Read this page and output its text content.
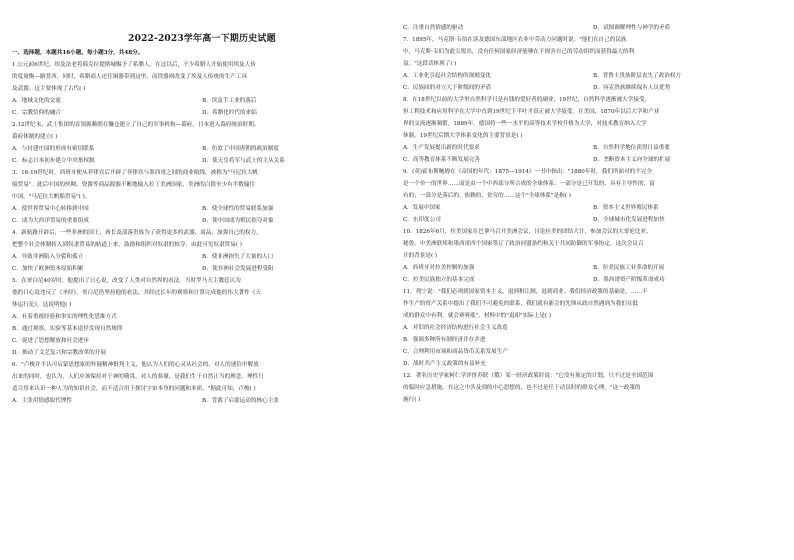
2022-2023学年高一下期历史试题
一、选择题，本题共16小题，每小题3分，共48分。
1.公元前6世纪，埃及法老将瑙克拉提斯城赐予了希腊人。在这以后，不少希腊人开始使用埃及人传
的度量衡—路普西。同时，希腊商人还往铜器带到这里，而铁器则改变了埃及人传统的生产工具
及武器。这主要体现了古代( )
A．地域文化的交流	B．埃及手工业的落后
C．宗教信仰的融合	D．希腊化时代的来临
2.12世纪末，武士集团的首领源赖朝在镰仓建立了自己的军事机构—幕府，日本进入幕府统治时期。
幕府体制的建立( )
A．与封建庄园的形成有密切联系	B．仿效了中国唐朝的政治制度
C．标志日本初步建立中央集权制	D．使天皇将军与武士的主从关系
3．16-19世纪时，西班牙便从菲律宾后开辟了菲律宾与墨西哥之间的商业航线，被称为"马尼拉大帆
船贸易"。此后中国的丝绸、瓷器等商品源源不断地输入拉丁美洲国家，美洲的白银至少有半数输往
中国。"马尼拉大帆船贸易"( )。
A．使世界贸易中心转移到中国	B．使全球性的贸易联系加强
C．成为大西洋贸易的重要组成	D．使中国成为殖民掠夺对象
4．新航路开辟后，一些非洲的国王、酋长及部落贵族为了获得更多的武器、商品，加强自己的权力，
把整个社会体制转入到奴隶贸易的轨道上来，鼓励和组织对奴隶的掠夺。由此可见奴隶贸易( )
A．导致非洲陷入分裂和孤立	B．使非洲损失了大量的人口
C．加快了欧洲资本原始积累	D．使非洲社会发展进程受阻
5．在哥白尼40岁时，他提出了日心说，改变了人类对自然界的看法。当时罗马天主教廷认为
他的日心说违反了《圣经》，哥白尼仍坚持他的看法，并经过长年的观察和计算完成他的伟大著作《天
体运行论》。这说明他( )
A．有着重视经验和事实的理性化思维方式
B．通过观察、实验等基本途径发现自然规律
C．促进了思想解放和社会进步
D．推动了文艺复兴和宗教改革的开展
6．"卢梭并不认可启蒙思想家的怀疑精神批判主义，他认为人们的心灵从社会的、对人的迷信中解放
出来的同时，也认为，人们应该保持对于神的敬畏。对人的恭谨，是我们生于自然正当的理念。理性只
适合用来认识一种人为的知识社会，而不适合用于探讨宇宙本身的问题和本质。"据此可知，卢梭( )
A．主张用情感取代理性	B．背离了启蒙运动的核心主张
C．注重自然情感的驱动	D．试图调解理性与神学的矛盾
7．1895年，马克斯·韦伯在谈及德国东部地区农业中劳动力问题时说："他们在自己的民族
中，马克斯·韦伯为此尖锐出，没有任何国家经济能够在不损害自己的劳动组织而获得最大的利
益。"这段话体现了( )
A．工业化引起社会结构的深刻变化	B．普鲁士贵族阶层丧失了政治权力
C．民族间的对立大于阶级间的矛盾	D．容克贵族继续保有人员优势
8．在18世纪以前的大学里自然科学只是有钱的爱好者的副业，19世纪，自然科学逐渐被大学接受，
但工程技术和应用科学在大学中直到19世纪下半叶才真正被大学接受。在美国，1870年以后大学和产业
界的交流逐渐频繁。1889年，德国将一些一水平的高等技术学校升格为大学，对技术教育纳入大学
体制。19世纪后期大学体系变化的主要背景是( )
A．生产发展提出新的时代要求	B．自然科学地位获得日益重要
C．高等教育体系不断发展完善	D．垄断资本主义向全球的扩展
9．(英)霍布斯鲍姆在《帝国的年代：1875—1914》一书中指出："1880年时，我们所面对的不完全
是一个单一的世界……而是由一个中西部分所合成的全球体系：一部分是已开发的、具有主导性的、富
有的；一部分是落后的、依赖的、贫穷的……这个"全球体系"是指( )
A．发展中国家	B．资本主义世界殖民体系
C．东印度公司	D．全球城市化发展进程加快
10．1826年6月，拉美国家在巴拿马召开美洲会议，讨论拉美的团结大计，参加会议的大哥伦比亚、
秘鲁、中美洲联邦和墨西哥四个国家签订了政治同盟条约和关于共同防御的军事协定，这次会议召
开的背景是( )
A．西班牙对拉美控制的加强	B．拉美民族工业革命的开展
C．拉美民族独立的基本完成	D．墨西哥资产阶级革命成功
11．列宁说："我们必须到国家资本主义，退到租让制，退到商业。我们经济政策的基础是，……不
作生产的资产关系中提出了我们不可避免的联系，我们就有新会的先锋从政自然遇到为我们在低
成的群众中有利，就会赛赛涨"。材料中的"退却"实际上是( )
A．对旧的社会经济结构进行社会主义改造
B．强调多种所有制经济并存并进
C．合理利用市场和商品货币关系发展生产
D．战时共产主义政策的有益补充
12．著名历史学家柯仁学评价苏联（俄）某一经济政策时说："它没有预定的计划，只不过是全国范围
的临时应急措施，在这之中涉及到的中心思想的，也不过是任于动员时的群众心理。"这一政策的
施行( )
